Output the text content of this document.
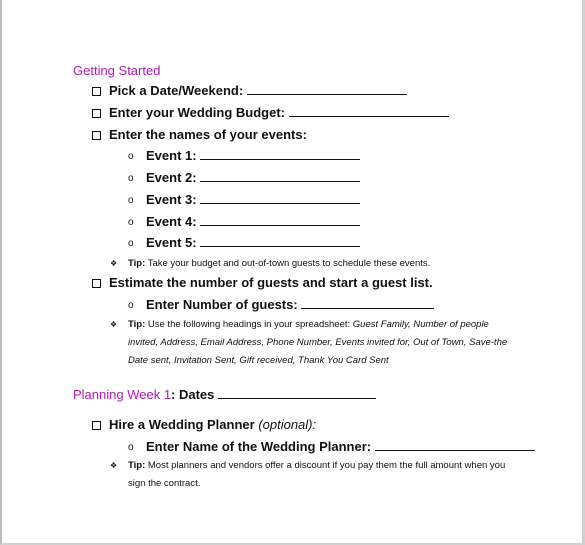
Getting Started
Pick a Date/Weekend:
Enter your Wedding Budget:
Enter the names of your events:
o Event 1:
o Event 2:
o Event 3:
o Event 4:
o Event 5:
❖ Tip: Take your budget and out-of-town guests to schedule these events.
Estimate the number of guests and start a guest list.
o Enter Number of guests:
❖ Tip: Use the following headings in your spreadsheet: Guest Family, Number of people
invited, Address, Email Address, Phone Number, Events invited for, Out of Town, Save-the
Date sent, Invitation Sent, Gift received, Thank You Card Sent
Planning Week 1: Dates
Hire a Wedding Planner (optional):
o Enter Name of the Wedding Planner:
❖ Tip: Most planners and vendors offer a discount if you pay them the full amount when you
sign the contract.
